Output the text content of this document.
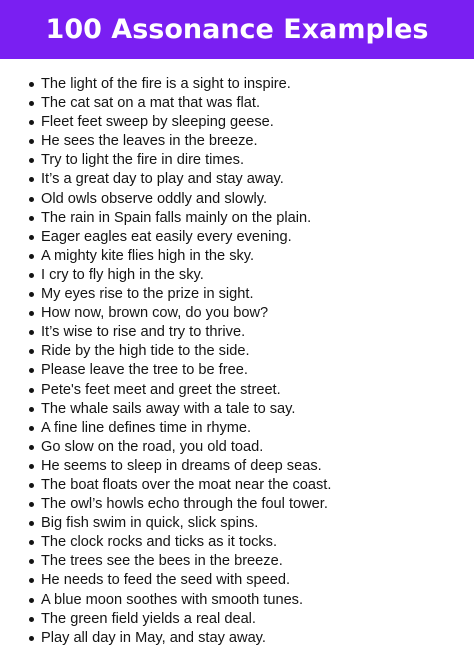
100 Assonance Examples
The light of the fire is a sight to inspire.
The cat sat on a mat that was flat.
Fleet feet sweep by sleeping geese.
He sees the leaves in the breeze.
Try to light the fire in dire times.
It’s a great day to play and stay away.
Old owls observe oddly and slowly.
The rain in Spain falls mainly on the plain.
Eager eagles eat easily every evening.
A mighty kite flies high in the sky.
I cry to fly high in the sky.
My eyes rise to the prize in sight.
How now, brown cow, do you bow?
It’s wise to rise and try to thrive.
Ride by the high tide to the side.
Please leave the tree to be free.
Pete's feet meet and greet the street.
The whale sails away with a tale to say.
A fine line defines time in rhyme.
Go slow on the road, you old toad.
He seems to sleep in dreams of deep seas.
The boat floats over the moat near the coast.
The owl’s howls echo through the foul tower.
Big fish swim in quick, slick spins.
The clock rocks and ticks as it tocks.
The trees see the bees in the breeze.
He needs to feed the seed with speed.
A blue moon soothes with smooth tunes.
The green field yields a real deal.
Play all day in May, and stay away.
